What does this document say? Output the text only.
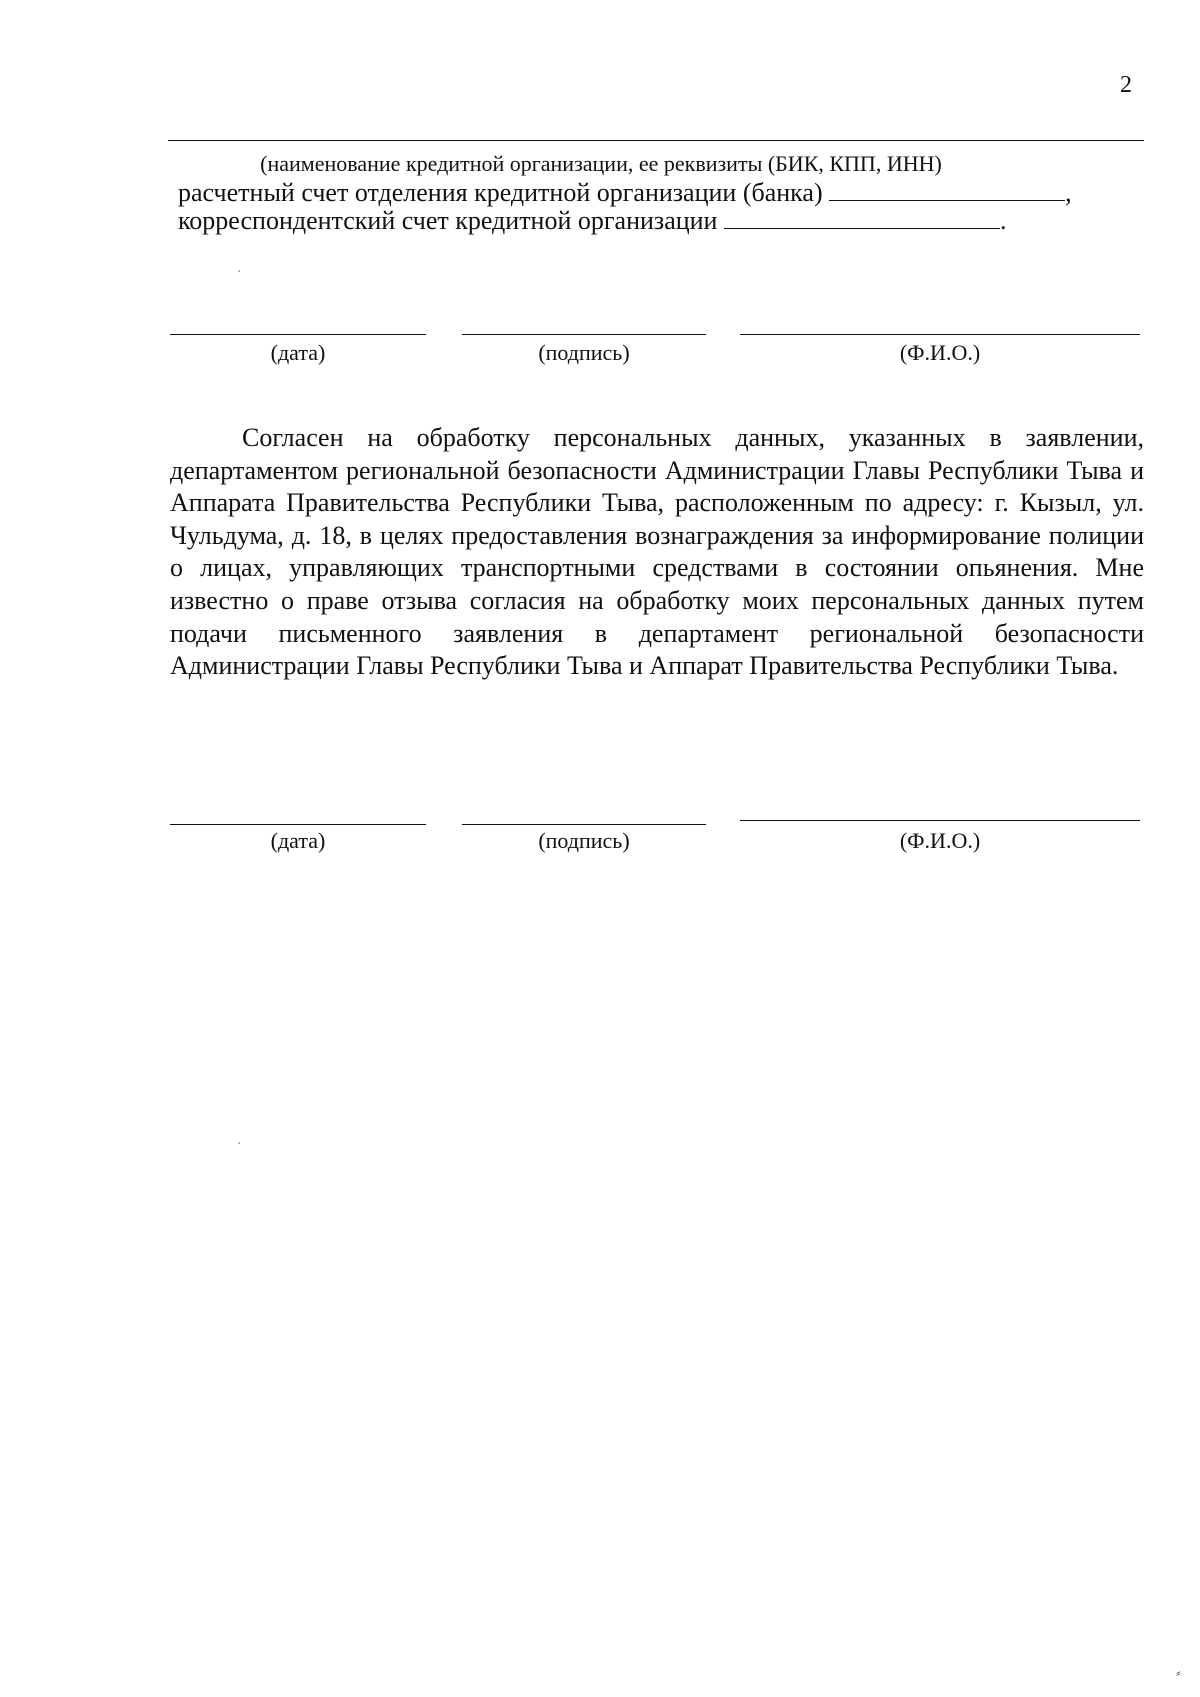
2
(наименование кредитной организации, ее реквизиты (БИК, КПП, ИНН)
расчетный счет отделения кредитной организации (банка)	,
корреспондентский счет кредитной организации	.
(дата)	(подпись)	(Ф.И.О.)

Согласен на обработку персональных данных, указанных в заявлении, департаментом региональной безопасности Администрации Главы Республики Тыва и Аппарата Правительства Республики Тыва, расположенным по адресу: г. Кызыл, ул. Чульдума, д. 18, в целях предоставления вознаграждения за информирование полиции о лицах, управляющих транспортными средствами в состоянии опьянения. Мне известно о праве отзыва согласия на обработку моих персональных данных путем подачи письменного заявления в департамент региональной безопасности Администрации Главы Республики Тыва и Аппарат Правительства Республики Тыва.

(дата)	(подпись)	(Ф.И.О.)
⸗
